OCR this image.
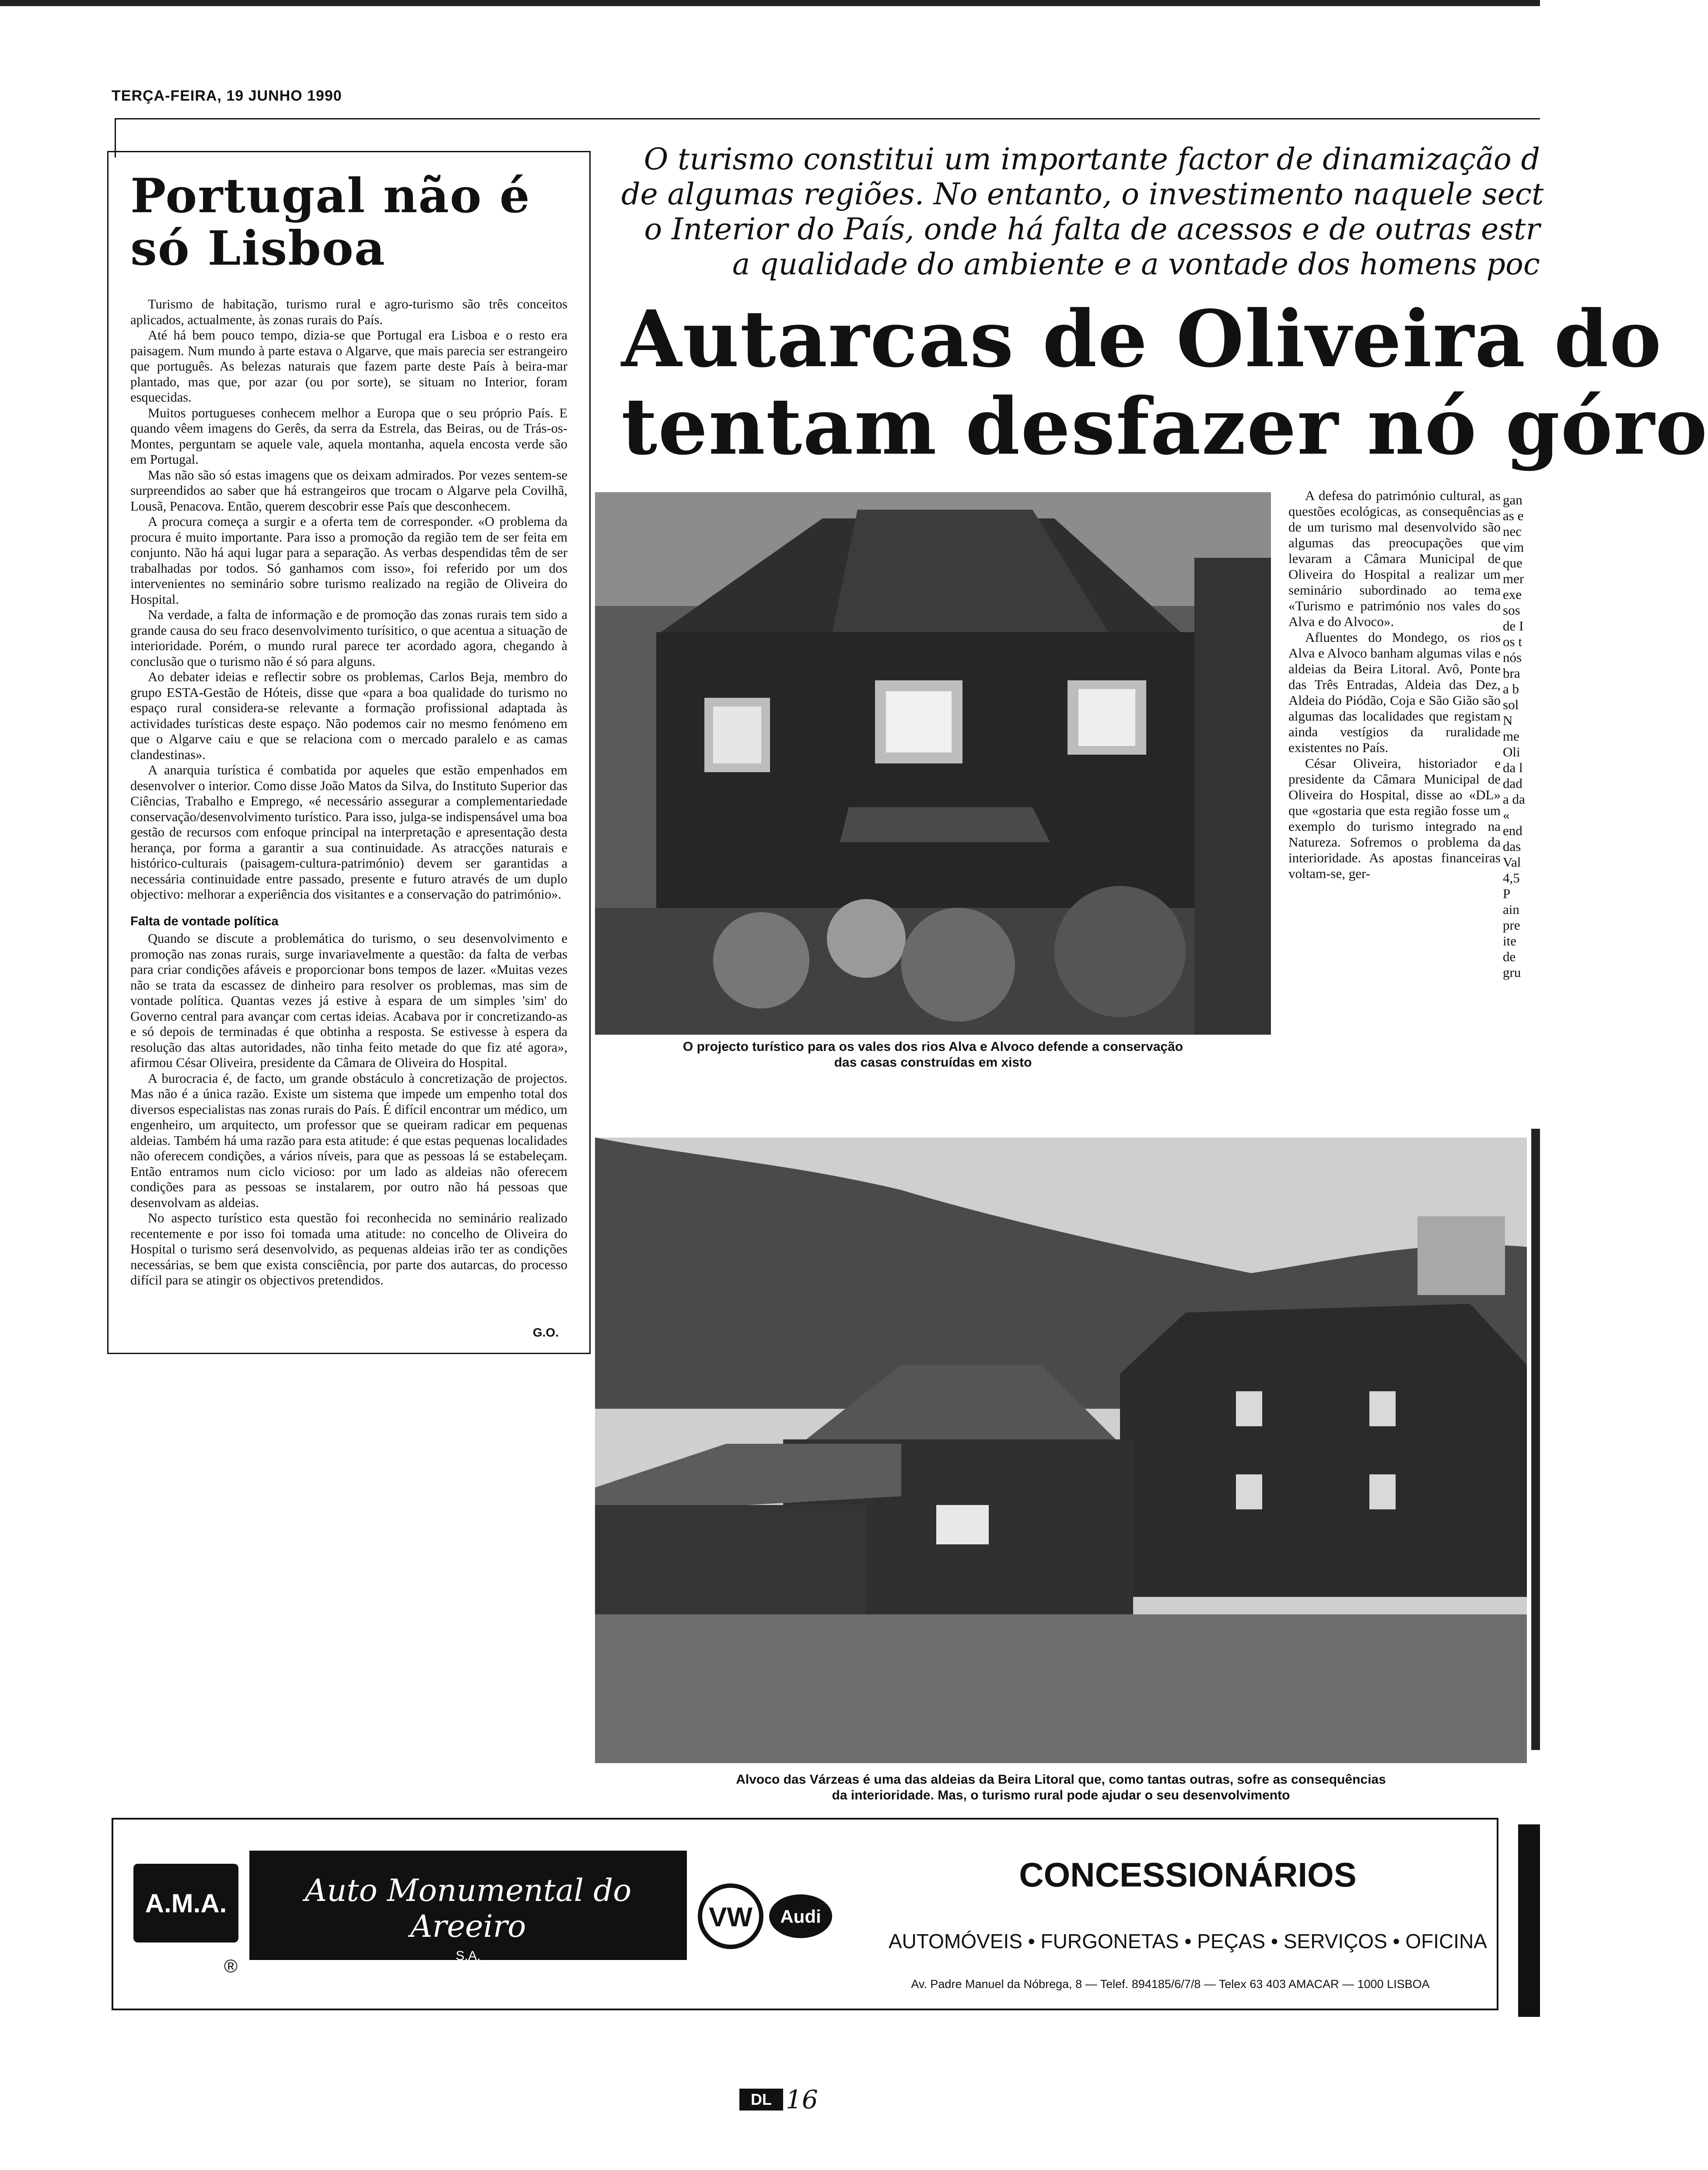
TERÇA-FEIRA, 19 JUNHO 1990
Portugal não é
só Lisboa

Turismo de habitação, turismo rural e agro-turismo são três conceitos aplicados, actualmente, às zonas rurais do País.

Até há bem pouco tempo, dizia-se que Portugal era Lisboa e o resto era paisagem. Num mundo à parte estava o Algarve, que mais parecia ser estrangeiro que português. As belezas naturais que fazem parte deste País à beira-mar plantado, mas que, por azar (ou por sorte), se situam no Interior, foram esquecidas.

Muitos portugueses conhecem melhor a Europa que o seu próprio País. E quando vêem imagens do Gerês, da serra da Estrela, das Beiras, ou de Trás-os-Montes, perguntam se aquele vale, aquela montanha, aquela encosta verde são em Portugal.

Mas não são só estas imagens que os deixam admirados. Por vezes sentem-se surpreendidos ao saber que há estrangeiros que trocam o Algarve pela Covilhã, Lousã, Penacova. Então, querem descobrir esse País que desconhecem.

A procura começa a surgir e a oferta tem de corresponder. «O problema da procura é muito importante. Para isso a promoção da região tem de ser feita em conjunto. Não há aqui lugar para a separação. As verbas despendidas têm de ser trabalhadas por todos. Só ganhamos com isso», foi referido por um dos intervenientes no seminário sobre turismo realizado na região de Oliveira do Hospital.

Na verdade, a falta de informação e de promoção das zonas rurais tem sido a grande causa do seu fraco desenvolvimento turísitico, o que acentua a situação de interioridade. Porém, o mundo rural parece ter acordado agora, chegando à conclusão que o turismo não é só para alguns.

Ao debater ideias e reflectir sobre os problemas, Carlos Beja, membro do grupo ESTA-Gestão de Hóteis, disse que «para a boa qualidade do turismo no espaço rural considera-se relevante a formação profissional adaptada às actividades turísticas deste espaço. Não podemos cair no mesmo fenómeno em que o Algarve caiu e que se relaciona com o mercado paralelo e as camas clandestinas».

A anarquia turística é combatida por aqueles que estão empenhados em desenvolver o interior. Como disse João Matos da Silva, do Instituto Superior das Ciências, Trabalho e Emprego, «é necessário assegurar a complementariedade conservação/desenvolvimento turístico. Para isso, julga-se indispensável uma boa gestão de recursos com enfoque principal na interpretação e apresentação desta herança, por forma a garantir a sua continuidade. As atracções naturais e histórico-culturais (paisagem-cultura-património) devem ser garantidas a necessária continuidade entre passado, presente e futuro através de um duplo objectivo: melhorar a experiência dos visitantes e a conservação do património».

Falta de vontade política

Quando se discute a problemática do turismo, o seu desenvolvimento e promoção nas zonas rurais, surge invariavelmente a questão: da falta de verbas para criar condições afáveis e proporcionar bons tempos de lazer. «Muitas vezes não se trata da escassez de dinheiro para resolver os problemas, mas sim de vontade política. Quantas vezes já estive à espara de um simples 'sim' do Governo central para avançar com certas ideias. Acabava por ir concretizando-as e só depois de terminadas é que obtinha a resposta. Se estivesse à espera da resolução das altas autoridades, não tinha feito metade do que fiz até agora», afirmou César Oliveira, presidente da Câmara de Oliveira do Hospital.

A burocracia é, de facto, um grande obstáculo à concretização de projectos. Mas não é a única razão. Existe um sistema que impede um empenho total dos diversos especialistas nas zonas rurais do País. É difícil encontrar um médico, um engenheiro, um arquitecto, um professor que se queiram radicar em pequenas aldeias. Também há uma razão para esta atitude: é que estas pequenas localidades não oferecem condições, a vários níveis, para que as pessoas lá se estabeleçam. Então entramos num ciclo vicioso: por um lado as aldeias não oferecem condições para as pessoas se instalarem, por outro não há pessoas que desenvolvam as aldeias.

No aspecto turístico esta questão foi reconhecida no seminário realizado recentemente e por isso foi tomada uma atitude: no concelho de Oliveira do Hospital o turismo será desenvolvido, as pequenas aldeias irão ter as condições necessárias, se bem que exista consciência, por parte dos autarcas, do processo difícil para se atingir os objectivos pretendidos.

G.O.
O turismo constitui um importante factor de dinamização d
de algumas regiões. No entanto, o investimento naquele sect
o Interior do País, onde há falta de acessos e de outras estr
a qualidade do ambiente e a vontade dos homens poc
Autarcas de Oliveira do
tentam desfazer nó góro
O projecto turístico para os vales dos rios Alva e Alvoco defende a conservação
das casas construídas em xisto

A defesa do património cultural, as questões ecológicas, as consequências de um turismo mal desenvolvido são algumas das preocupações que levaram a Câmara Municipal de Oliveira do Hospital a realizar um seminário subordinado ao tema «Turismo e património nos vales do Alva e do Alvoco».

Afluentes do Mondego, os rios Alva e Alvoco banham algumas vilas e aldeias da Beira Litoral. Avô, Ponte das Três Entradas, Aldeia das Dez, Aldeia do Piódão, Coja e São Gião são algumas das localidades que registam ainda vestígios da ruralidade existentes no País.

César Oliveira, historiador e presidente da Câmara Municipal de Oliveira do Hospital, disse ao «DL» que «gostaria que esta região fosse um exemplo do turismo integrado na Natureza. Sofremos o problema da interioridade. As apostas financeiras voltam-se, ger-

gan
as e
nec
vim
que
mer
exe
sos
de I
os t
nós
bra
a b
sol
N
me
Oli
da l
dad
a da
«
end
das
Val
4,5
P
ain
pre
ite
de
gru
Alvoco das Várzeas é uma das aldeias da Beira Litoral que, como tantas outras, sofre as consequências
da interioridade. Mas, o turismo rural pode ajudar o seu desenvolvimento
A.M.A.
®
Auto Monumental do Areeiro
S.A.
VW Audi
CONCESSIONÁRIOS
AUTOMÓVEIS • FURGONETAS • PEÇAS • SERVIÇOS • OFICINA
Av. Padre Manuel da Nóbrega, 8 — Telef. 894185/6/7/8 — Telex 63 403 AMACAR — 1000 LISBOA
DL 16
